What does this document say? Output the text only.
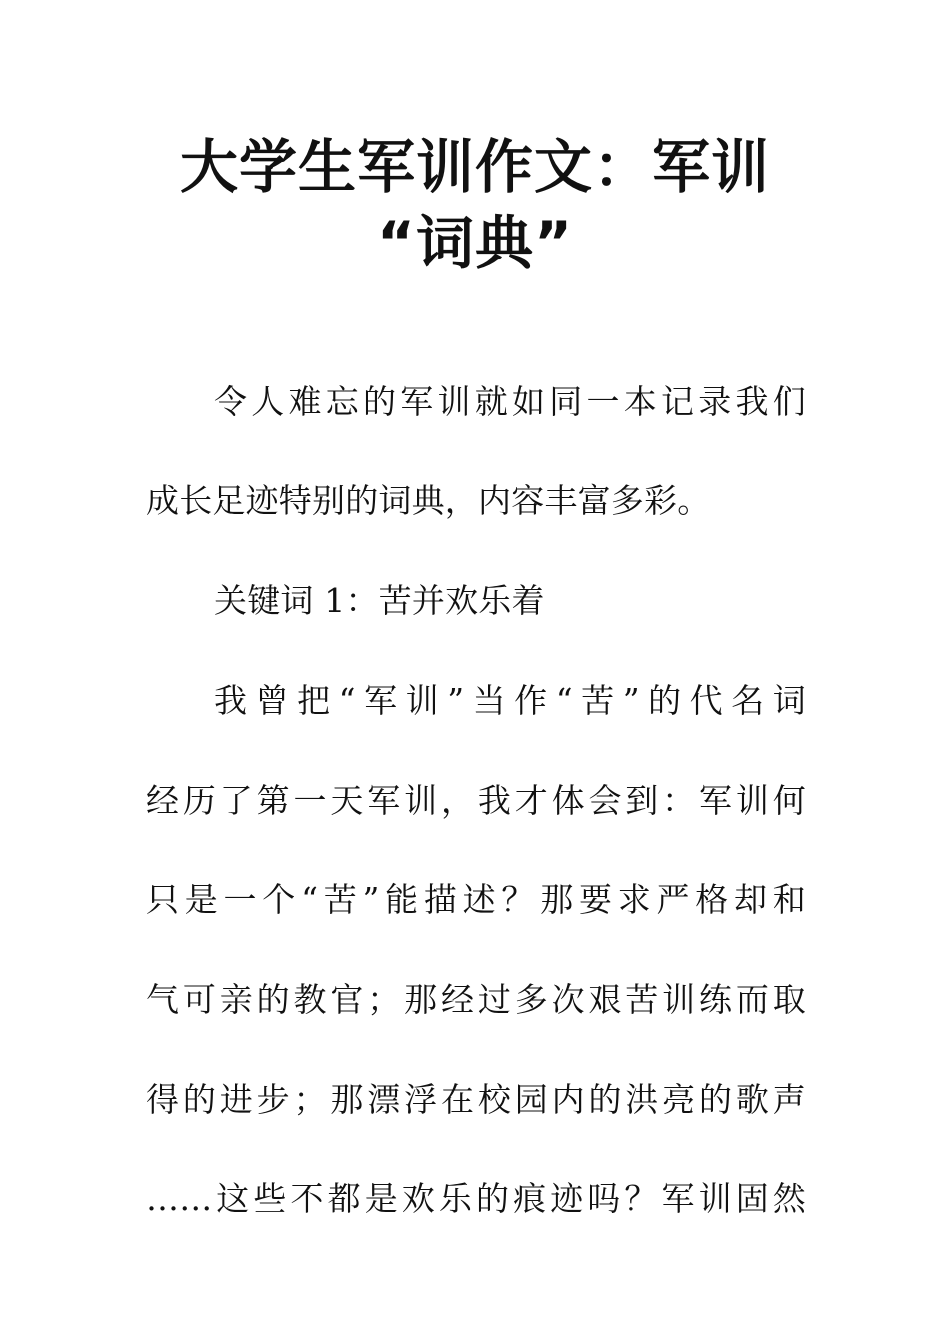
大学生军训作文：军训
“词典”
令人难忘的军训就如同一本记录我们
成长足迹特别的词典，内容丰富多彩。
关键词 1：苦并欢乐着
我曾把“军训”当作“苦”的代名词
经历了第一天军训，我才体会到：军训何
只是一个“苦”能描述？那要求严格却和
气可亲的教官；那经过多次艰苦训练而取
得的进步；那漂浮在校园内的洪亮的歌声
……这些不都是欢乐的痕迹吗？军训固然
